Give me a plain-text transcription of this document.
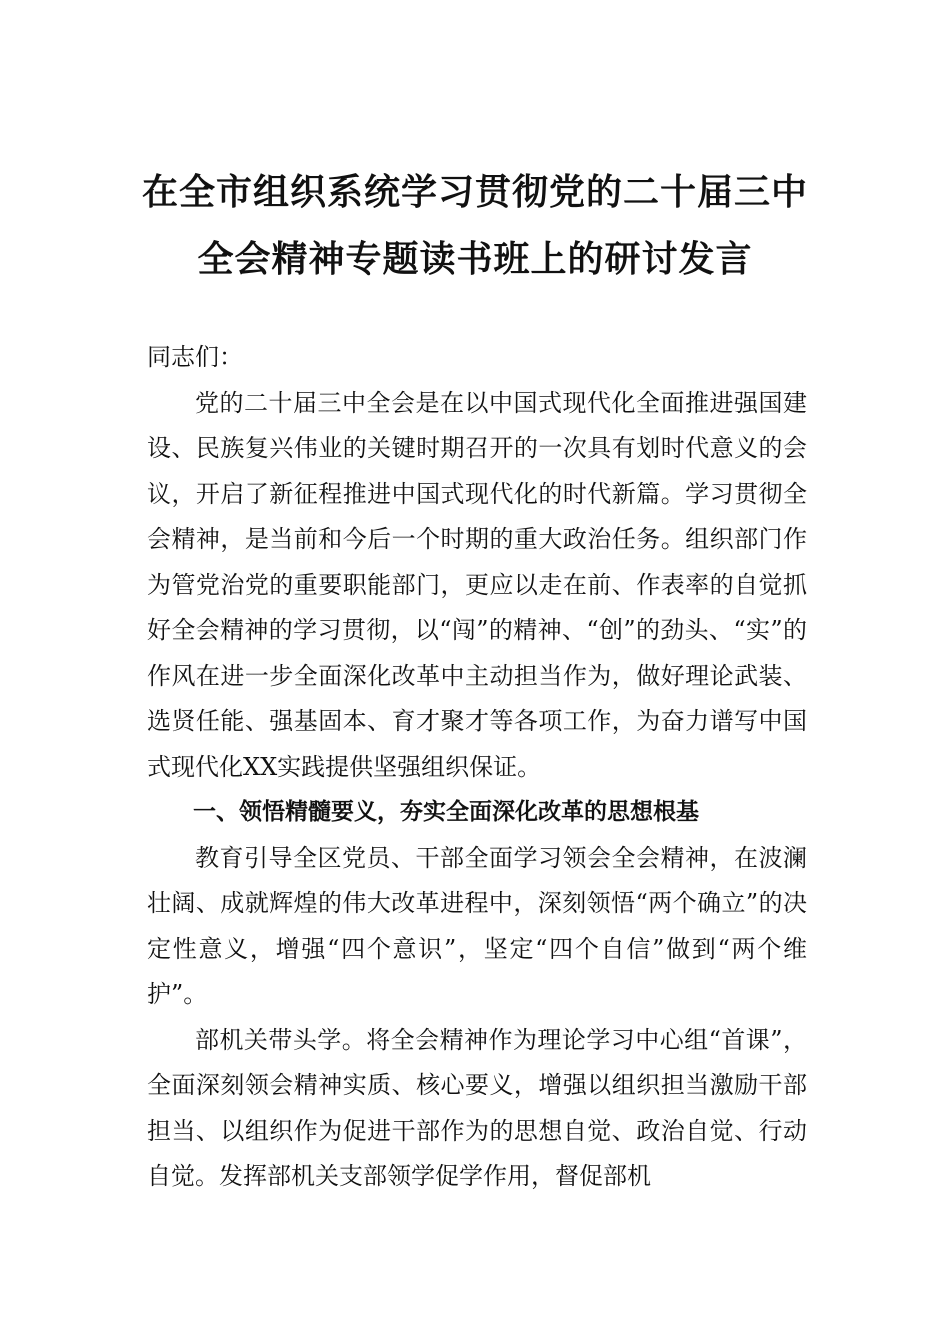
在全市组织系统学习贯彻党的二十届三中
全会精神专题读书班上的研讨发言

同志们：

党的二十届三中全会是在以中国式现代化全面推进强国建设、民族复兴伟业的关键时期召开的一次具有划时代意义的会议，开启了新征程推进中国式现代化的时代新篇。学习贯彻全会精神，是当前和今后一个时期的重大政治任务。组织部门作为管党治党的重要职能部门，更应以走在前、作表率的自觉抓好全会精神的学习贯彻，以“闯”的精神、“创”的劲头、“实”的作风在进一步全面深化改革中主动担当作为，做好理论武装、选贤任能、强基固本、育才聚才等各项工作，为奋力谱写中国式现代化XX实践提供坚强组织保证。

一、领悟精髓要义，夯实全面深化改革的思想根基

教育引导全区党员、干部全面学习领会全会精神，在波澜壮阔、成就辉煌的伟大改革进程中，深刻领悟“两个确立”的决定性意义，增强“四个意识”，坚定“四个自信”做到“两个维护”。

部机关带头学。将全会精神作为理论学习中心组“首课”，全面深刻领会精神实质、核心要义，增强以组织担当激励干部担当、以组织作为促进干部作为的思想自觉、政治自觉、行动自觉。发挥部机关支部领学促学作用，督促部机
